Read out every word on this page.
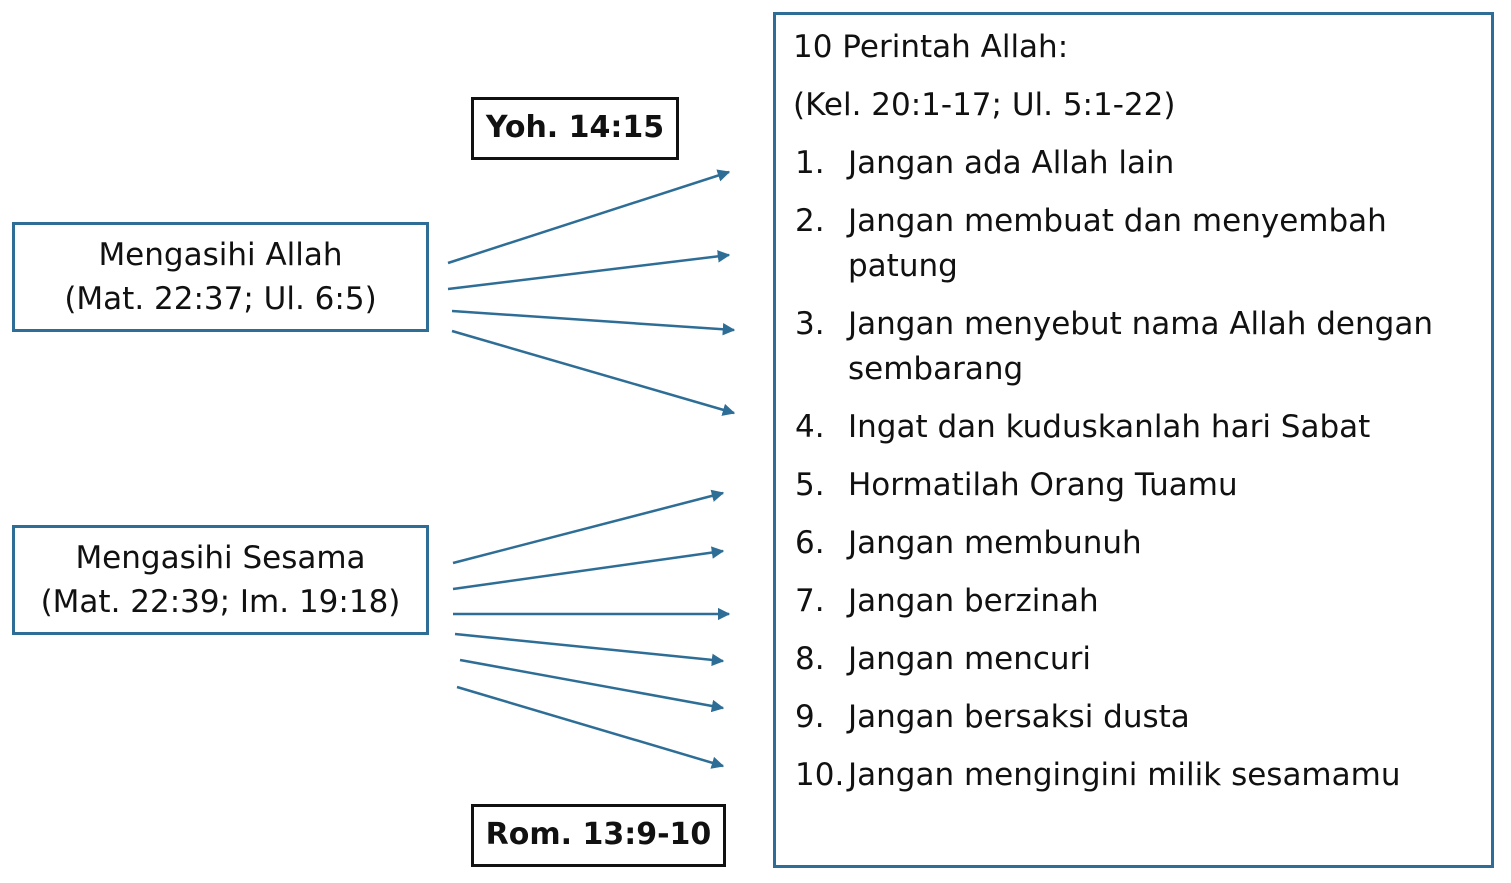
Mengasihi Allah
(Mat. 22:37; Ul. 6:5)
Mengasihi Sesama
(Mat. 22:39; Im. 19:18)
Yoh. 14:15
Rom. 13:9-10
10 Perintah Allah:
(Kel. 20:1-17; Ul. 5:1-22)
1. Jangan ada Allah lain
2. Jangan membuat dan menyembah
patung
3. Jangan menyebut nama Allah dengan
sembarang
4. Ingat dan kuduskanlah hari Sabat
5. Hormatilah Orang Tuamu
6. Jangan membunuh
7. Jangan berzinah
8. Jangan mencuri
9. Jangan bersaksi dusta
10. Jangan mengingini milik sesamamu
